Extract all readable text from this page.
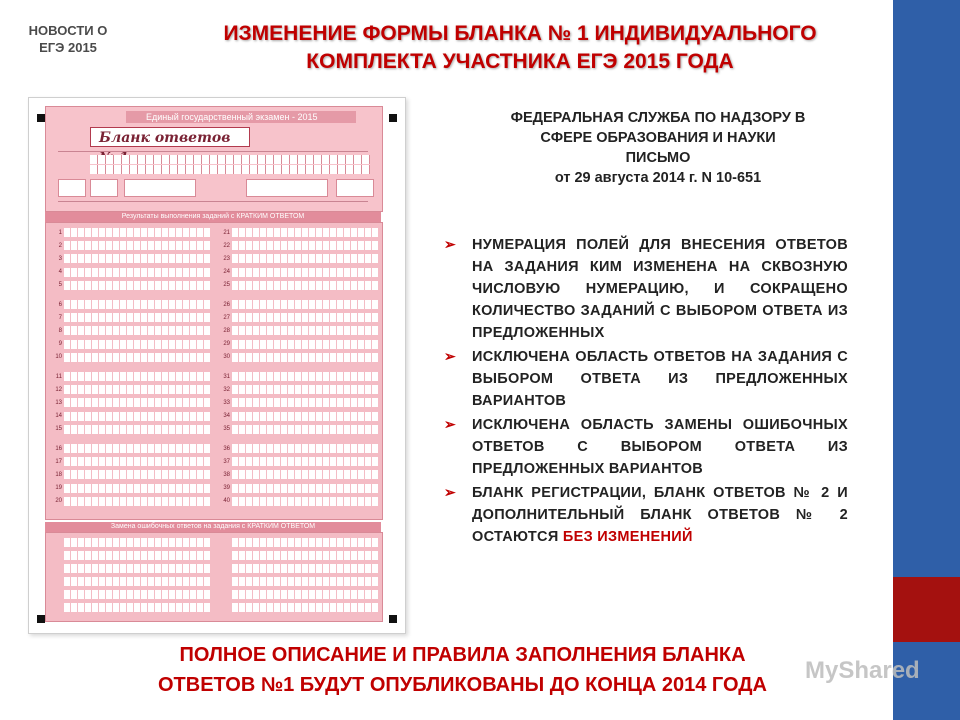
НОВОСТИ О
ЕГЭ 2015
ИЗМЕНЕНИЕ ФОРМЫ БЛАНКА № 1 ИНДИВИДУАЛЬНОГО
КОМПЛЕКТА УЧАСТНИКА ЕГЭ 2015 ГОДА
Единый государственный экзамен - 2015
Бланк ответов
Результаты выполнения заданий с КРАТКИМ ОТВЕТОМ
1
2
3
4
5
6
7
8
9
10
11
12
13
14
15
16
17
18
19
20
21
22
23
24
25
26
27
28
29
30
31
32
33
34
35
36
37
38
39
40
Замена ошибочных ответов на задания с КРАТКИМ ОТВЕТОМ
ФЕДЕРАЛЬНАЯ СЛУЖБА ПО НАДЗОРУ В
СФЕРЕ ОБРАЗОВАНИЯ И НАУКИ
ПИСЬМО
от 29 августа 2014 г. N 10-651
➢ НУМЕРАЦИЯ ПОЛЕЙ ДЛЯ ВНЕСЕНИЯ ОТВЕТОВ НА ЗАДАНИЯ КИМ ИЗМЕНЕНА НА СКВОЗНУЮ ЧИСЛОВУЮ НУМЕРАЦИЮ, И СОКРАЩЕНО КОЛИЧЕСТВО ЗАДАНИЙ С ВЫБОРОМ ОТВЕТА ИЗ ПРЕДЛОЖЕННЫХ
➢ ИСКЛЮЧЕНА ОБЛАСТЬ ОТВЕТОВ НА ЗАДАНИЯ С ВЫБОРОМ ОТВЕТА ИЗ ПРЕДЛОЖЕННЫХ ВАРИАНТОВ
➢ ИСКЛЮЧЕНА ОБЛАСТЬ ЗАМЕНЫ ОШИБОЧНЫХ ОТВЕТОВ С ВЫБОРОМ ОТВЕТА ИЗ ПРЕДЛОЖЕННЫХ ВАРИАНТОВ
➢ БЛАНК РЕГИСТРАЦИИ, БЛАНК ОТВЕТОВ № 2 И ДОПОЛНИТЕЛЬНЫЙ БЛАНК ОТВЕТОВ № 2 ОСТАЮТСЯ БЕЗ ИЗМЕНЕНИЙ
ПОЛНОЕ ОПИСАНИЕ И ПРАВИЛА ЗАПОЛНЕНИЯ БЛАНКА
ОТВЕТОВ №1 БУДУТ ОПУБЛИКОВАНЫ ДО КОНЦА 2014 ГОДА
MyShared
